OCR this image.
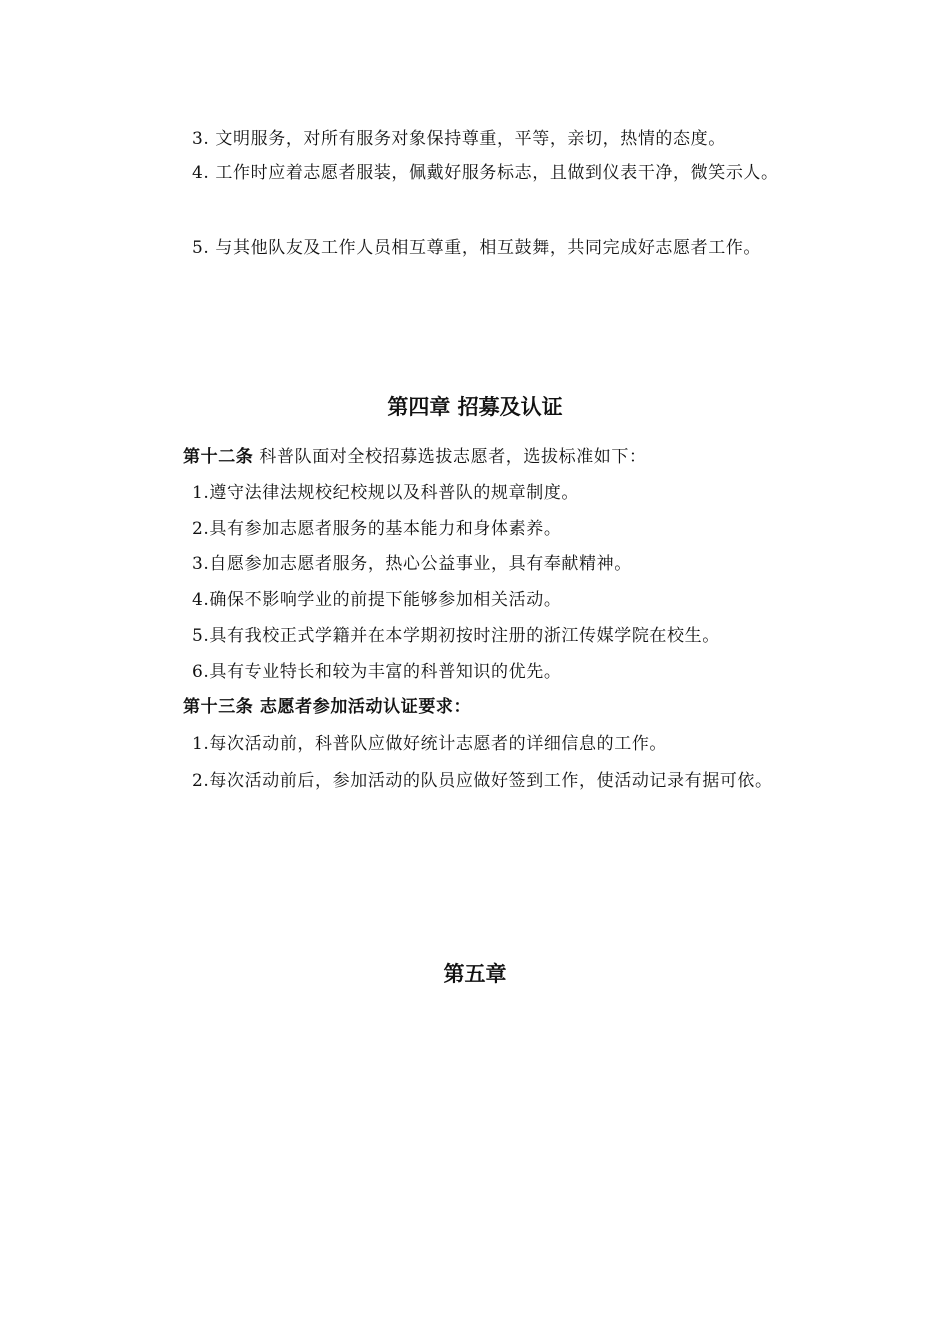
3. 文明服务，对所有服务对象保持尊重，平等，亲切，热情的态度。
4. 工作时应着志愿者服装，佩戴好服务标志，且做到仪表干净，微笑示人。
5. 与其他队友及工作人员相互尊重，相互鼓舞，共同完成好志愿者工作。
第四章 招募及认证
第十二条 科普队面对全校招募选拔志愿者，选拔标准如下：
1.遵守法律法规校纪校规以及科普队的规章制度。
2.具有参加志愿者服务的基本能力和身体素养。
3.自愿参加志愿者服务，热心公益事业，具有奉献精神。
4.确保不影响学业的前提下能够参加相关活动。
5.具有我校正式学籍并在本学期初按时注册的浙江传媒学院在校生。
6.具有专业特长和较为丰富的科普知识的优先。
第十三条 志愿者参加活动认证要求：
1.每次活动前，科普队应做好统计志愿者的详细信息的工作。
2.每次活动前后，参加活动的队员应做好签到工作，使活动记录有据可依。
第五章
